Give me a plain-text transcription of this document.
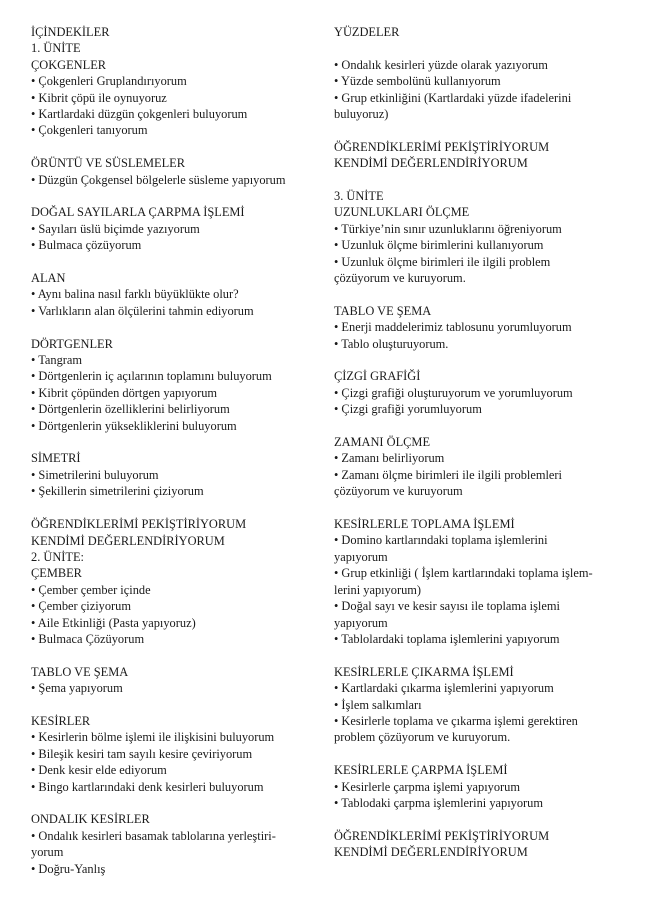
İÇİNDEKİLER
1. ÜNİTE
ÇOKGENLER
• Çokgenleri Gruplandırıyorum
• Kibrit çöpü ile oynuyoruz
• Kartlardaki düzgün çokgenleri buluyorum
• Çokgenleri tanıyorum
ÖRÜNTÜ VE SÜSLEMELER
• Düzgün Çokgensel bölgelerle süsleme yapıyorum
DOĞAL SAYILARLA ÇARPMA İŞLEMİ
• Sayıları üslü biçimde yazıyorum
• Bulmaca çözüyorum
ALAN
• Aynı balina nasıl farklı büyüklükte olur?
• Varlıkların alan ölçülerini tahmin ediyorum
DÖRTGENLER
• Tangram
• Dörtgenlerin iç açılarının toplamını buluyorum
• Kibrit çöpünden dörtgen yapıyorum
• Dörtgenlerin özelliklerini belirliyorum
• Dörtgenlerin yüksekliklerini buluyorum
SİMETRİ
• Simetrilerini buluyorum
• Şekillerin simetrilerini çiziyorum
ÖĞRENDİKLERİMİ PEKİŞTİRİYORUM
KENDİMİ DEĞERLENDİRİYORUM
2. ÜNİTE:
ÇEMBER
• Çember çember içinde
• Çember çiziyorum
• Aile Etkinliği (Pasta yapıyoruz)
• Bulmaca Çözüyorum
TABLO VE ŞEMA
• Şema yapıyorum
KESİRLER
• Kesirlerin bölme işlemi ile ilişkisini buluyorum
• Bileşik kesiri tam sayılı kesire çeviriyorum
• Denk kesir elde ediyorum
• Bingo kartlarındaki denk kesirleri buluyorum
ONDALIK KESİRLER
• Ondalık kesirleri basamak tablolarına yerleştiri-
yorum
• Doğru-Yanlış
YÜZDELER
• Ondalık kesirleri yüzde olarak yazıyorum
• Yüzde sembolünü kullanıyorum
• Grup etkinliğini (Kartlardaki yüzde ifadelerini
buluyoruz)
ÖĞRENDİKLERİMİ PEKİŞTİRİYORUM
KENDİMİ DEĞERLENDİRİYORUM
3. ÜNİTE
UZUNLUKLARI ÖLÇME
• Türkiye’nin sınır uzunluklarını öğreniyorum
• Uzunluk ölçme birimlerini kullanıyorum
• Uzunluk ölçme birimleri ile ilgili problem
çözüyorum ve kuruyorum.
TABLO VE ŞEMA
• Enerji maddelerimiz tablosunu yorumluyorum
• Tablo oluşturuyorum.
ÇİZGİ GRAFİĞİ
• Çizgi grafiği oluşturuyorum ve yorumluyorum
• Çizgi grafiği yorumluyorum
ZAMANI ÖLÇME
• Zamanı belirliyorum
• Zamanı ölçme birimleri ile ilgili problemleri
çözüyorum ve kuruyorum
KESİRLERLE TOPLAMA İŞLEMİ
• Domino kartlarındaki toplama işlemlerini
yapıyorum
• Grup etkinliği ( İşlem kartlarındaki toplama işlem-
lerini yapıyorum)
• Doğal sayı ve kesir sayısı ile toplama işlemi
yapıyorum
• Tablolardaki toplama işlemlerini yapıyorum
KESİRLERLE ÇIKARMA İŞLEMİ
• Kartlardaki çıkarma işlemlerini yapıyorum
• İşlem salkımları
• Kesirlerle toplama ve çıkarma işlemi gerektiren
problem çözüyorum ve kuruyorum.
KESİRLERLE ÇARPMA İŞLEMİ
• Kesirlerle çarpma işlemi yapıyorum
• Tablodaki çarpma işlemlerini yapıyorum
ÖĞRENDİKLERİMİ PEKİŞTİRİYORUM
KENDİMİ DEĞERLENDİRİYORUM
